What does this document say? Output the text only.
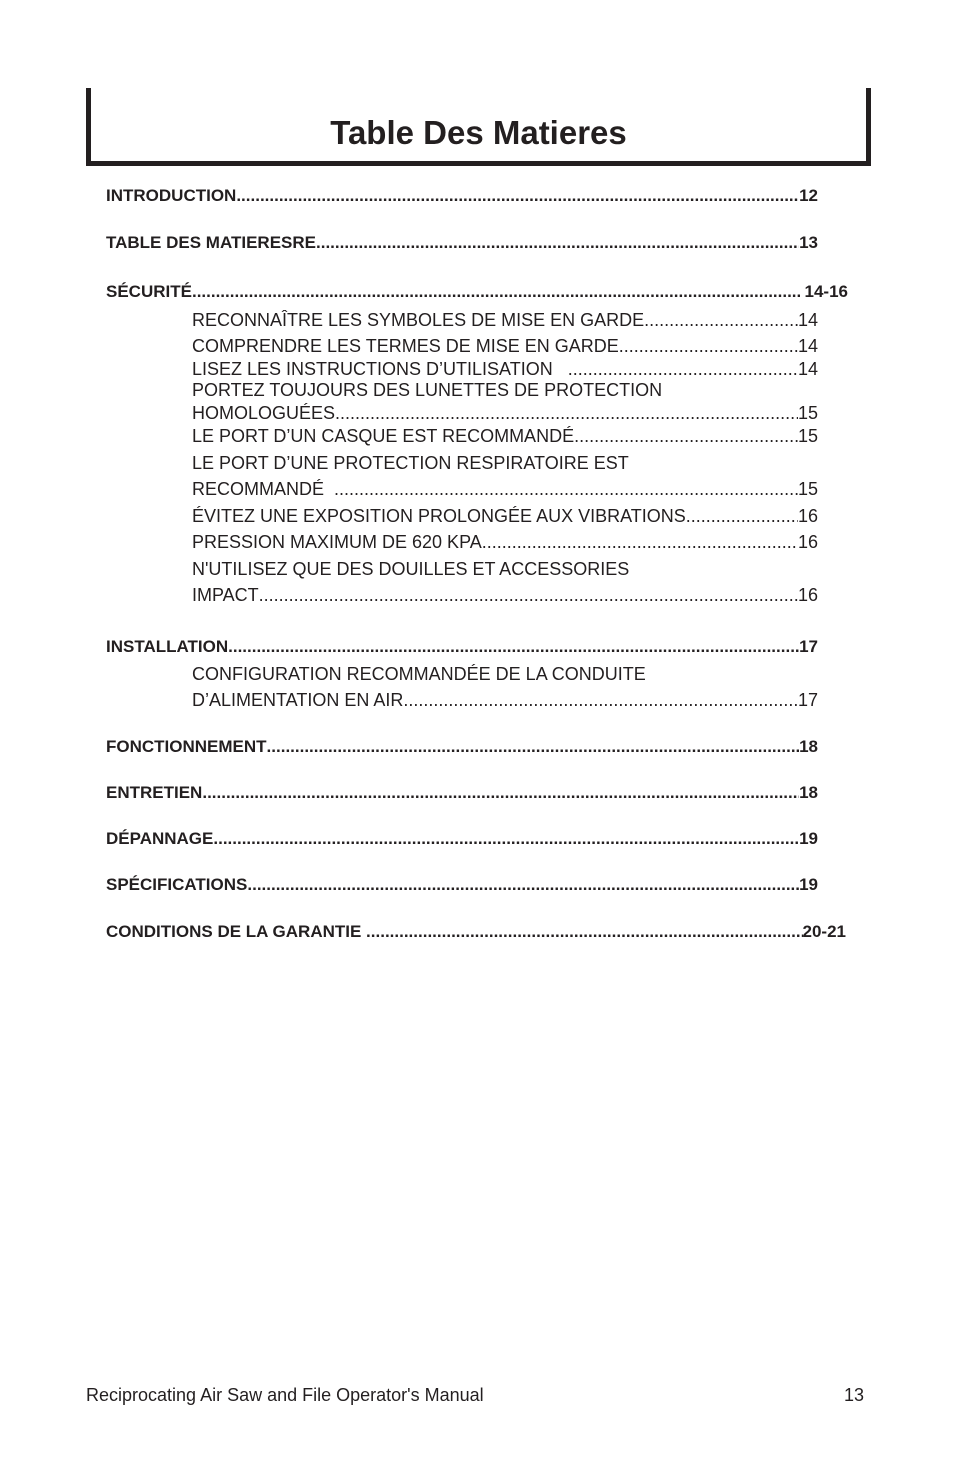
Table Des Matieres
INTRODUCTION .....	12
TABLE DES MATIERESRE .....	13
SÉCURITÉ .....	14-16
RECONNAÎTRE LES SYMBOLES DE MISE EN GARDE .....	14
COMPRENDRE LES TERMES DE MISE EN GARDE .....	14
LISEZ LES INSTRUCTIONS D’UTILISATION .....	14
PORTEZ TOUJOURS DES LUNETTES DE PROTECTION
HOMOLOGUÉES .....	15
LE PORT D’UN CASQUE EST RECOMMANDÉ .....	15
LE PORT D’UNE PROTECTION RESPIRATOIRE EST
RECOMMANDÉ .....	15
ÉVITEZ UNE EXPOSITION PROLONGÉE AUX VIBRATIONS .....	16
PRESSION MAXIMUM DE 620 KPA .....	16
N'UTILISEZ QUE DES DOUILLES ET ACCESSORIES
IMPACT .....	16
INSTALLATION .....	17
CONFIGURATION RECOMMANDÉE DE LA CONDUITE
D’ALIMENTATION EN AIR .....	17
FONCTIONNEMENT .....	18
ENTRETIEN .....	18
DÉPANNAGE .....	19
SPÉCIFICATIONS .....	19
CONDITIONS DE LA GARANTIE .....	20-21
Reciprocating Air Saw and File Operator's Manual	13
